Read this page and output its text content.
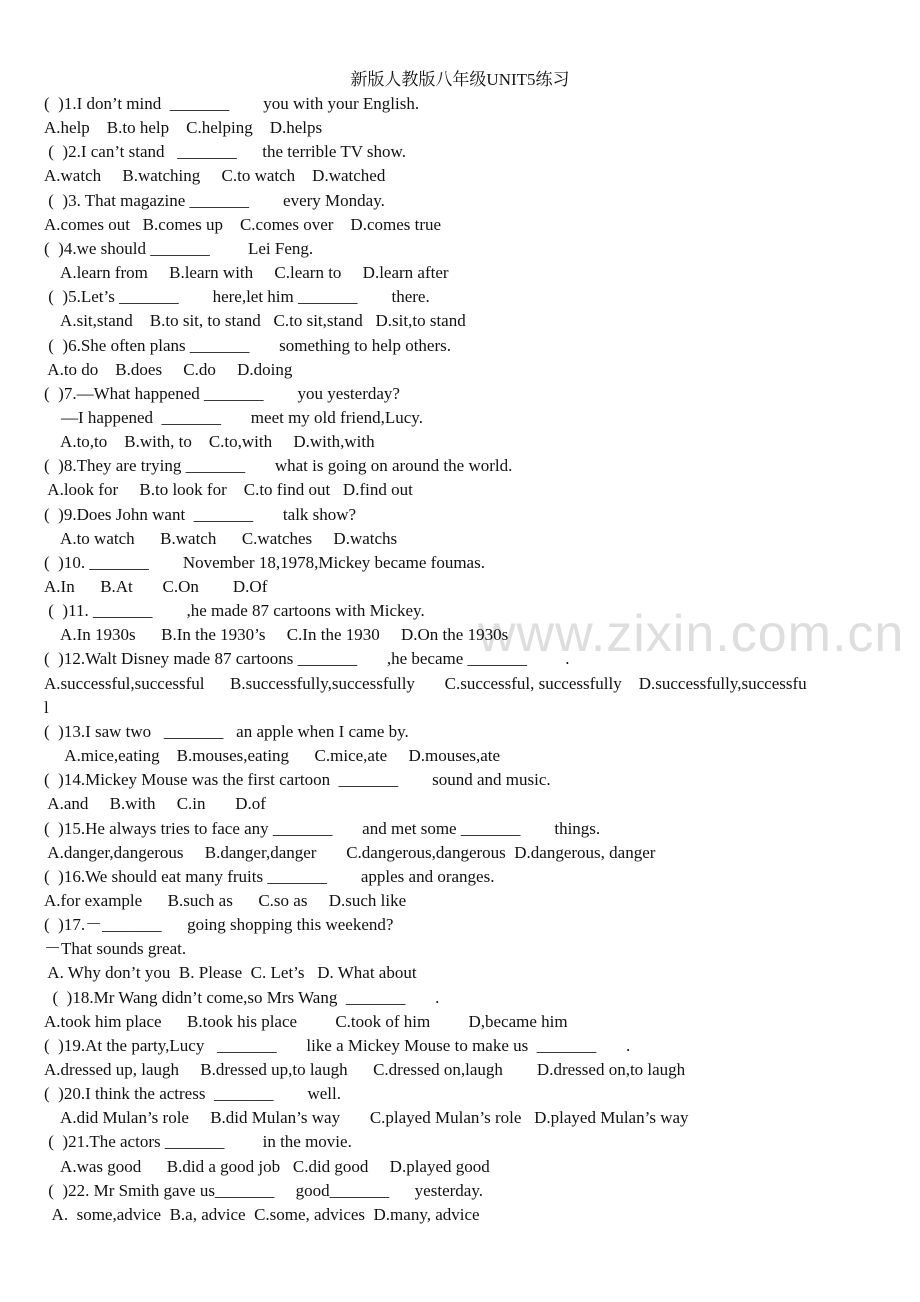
新版人教版八年级UNIT5练习
www.zixin.com.cn
(  )1.I don’t mind  _______        you with your English.
A.help    B.to help    C.helping    D.helps
(  )2.I can’t stand   _______      the terrible TV show.
A.watch     B.watching     C.to watch    D.watched
(  )3. That magazine _______        every Monday.
A.comes out   B.comes up    C.comes over    D.comes true
(  )4.we should _______         Lei Feng.
A.learn from     B.learn with     C.learn to     D.learn after
(  )5.Let’s _______        here,let him _______        there.
A.sit,stand    B.to sit, to stand   C.to sit,stand   D.sit,to stand
(  )6.She often plans _______       something to help others.
A.to do    B.does     C.do     D.doing
(  )7.—What happened _______        you yesterday?
—I happened  _______       meet my old friend,Lucy.
A.to,to    B.with, to    C.to,with     D.with,with
(  )8.They are trying _______       what is going on around the world.
A.look for     B.to look for    C.to find out   D.find out
(  )9.Does John want  _______       talk show?
A.to watch      B.watch      C.watches     D.watchs
(  )10. _______        November 18,1978,Mickey became foumas.
A.In      B.At       C.On        D.Of
(  )11. _______        ,he made 87 cartoons with Mickey.
A.In 1930s      B.In the 1930’s     C.In the 1930     D.On the 1930s
(  )12.Walt Disney made 87 cartoons _______       ,he became _______         .
A.successful,successful      B.successfully,successfully       C.successful, successfully    D.successfully,successfu
l
(  )13.I saw two   _______   an apple when I came by.
A.mice,eating    B.mouses,eating      C.mice,ate     D.mouses,ate
(  )14.Mickey Mouse was the first cartoon  _______        sound and music.
A.and     B.with     C.in       D.of
(  )15.He always tries to face any _______       and met some _______        things.
A.danger,dangerous     B.danger,danger       C.dangerous,dangerous  D.dangerous, danger
(  )16.We should eat many fruits _______        apples and oranges.
A.for example      B.such as      C.so as     D.such like
(  )17.－_______      going shopping this weekend?
－That sounds great.
A. Why don’t you  B. Please  C. Let’s   D. What about
(  )18.Mr Wang didn’t come,so Mrs Wang  _______       .
A.took him place      B.took his place         C.took of him         D,became him
(  )19.At the party,Lucy   _______       like a Mickey Mouse to make us  _______       .
A.dressed up, laugh     B.dressed up,to laugh      C.dressed on,laugh        D.dressed on,to laugh
(  )20.I think the actress  _______        well.
A.did Mulan’s role     B.did Mulan’s way       C.played Mulan’s role   D.played Mulan’s way
(  )21.The actors _______         in the movie.
A.was good      B.did a good job   C.did good     D.played good
(  )22. Mr Smith gave us_______     good_______      yesterday.
A.  some,advice  B.a, advice  C.some, advices  D.many, advice
